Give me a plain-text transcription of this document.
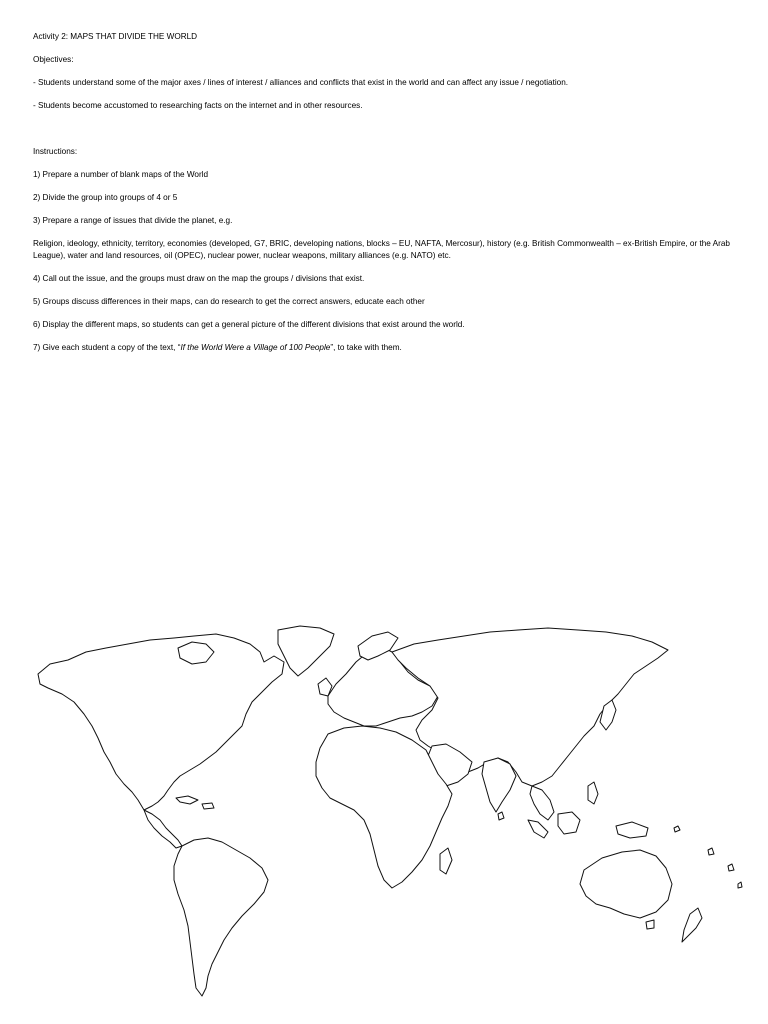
Activity 2: MAPS THAT DIVIDE THE WORLD

Objectives:

- Students understand some of the major axes / lines of interest / alliances and conflicts that exist in the world and can affect any issue / negotiation.

- Students become accustomed to researching facts on the internet and in other resources.

Instructions:

1) Prepare a number of blank maps of the World

2) Divide the group into groups of 4 or 5

3) Prepare a range of issues that divide the planet, e.g.

Religion, ideology, ethnicity, territory, economies (developed, G7, BRIC, developing nations, blocks – EU, NAFTA, Mercosur), history (e.g. British Commonwealth – ex-British Empire, or the Arab League), water and land resources, oil (OPEC), nuclear power, nuclear weapons, military alliances (e.g. NATO) etc.

4) Call out the issue, and the groups must draw on the map the groups / divisions that exist.

5) Groups discuss differences in their maps, can do research to get the correct answers, educate each other

6) Display the different maps, so students can get a general picture of the different divisions that exist around the world.

7) Give each student a copy of the text, “If the World Were a Village of 100 People”, to take with them.
